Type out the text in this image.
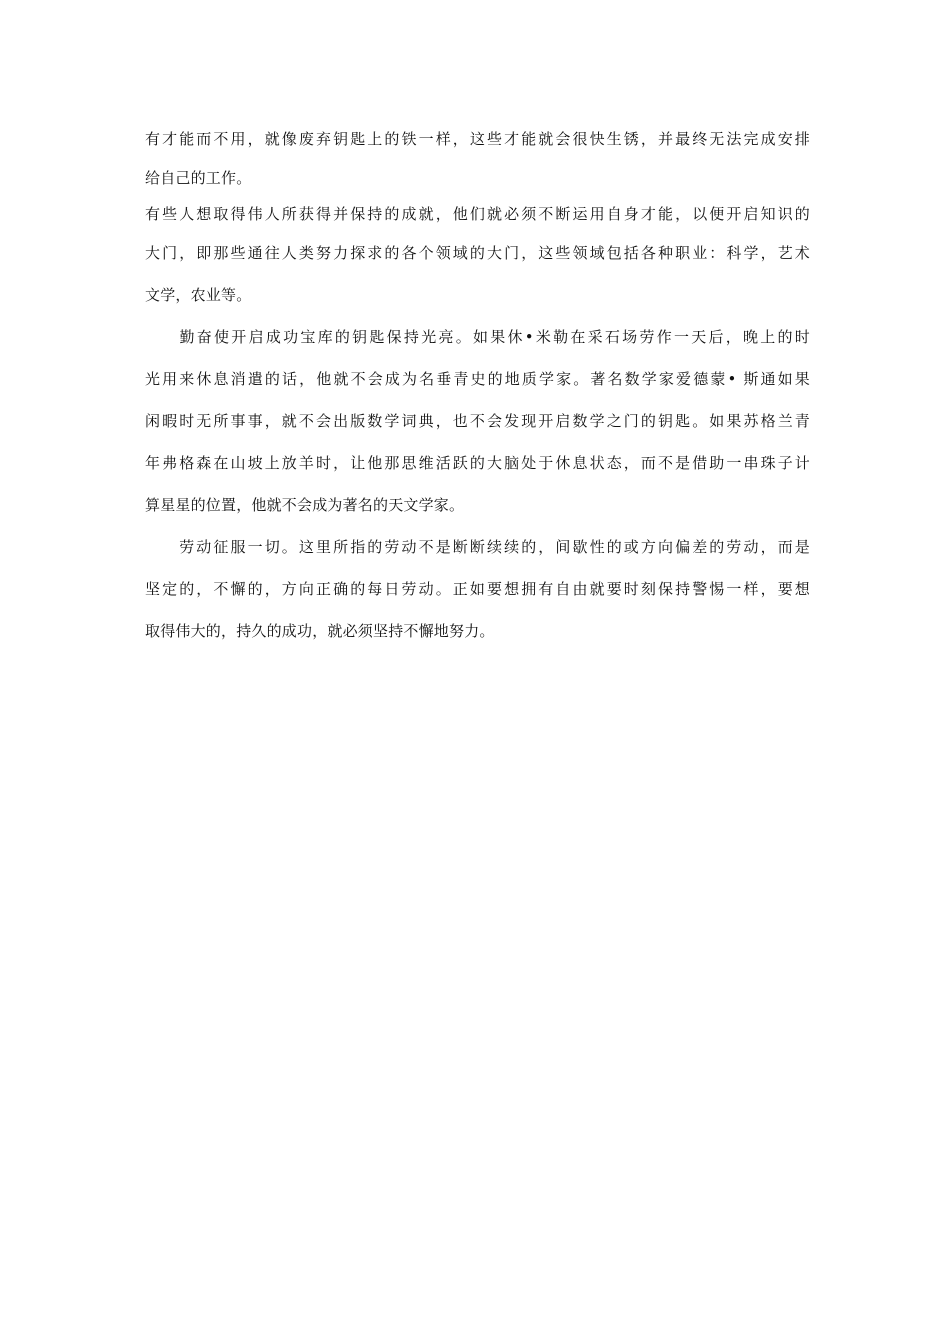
有才能而不用，就像废弃钥匙上的铁一样，这些才能就会很快生锈，并最终无法完成安排
给自己的工作。
有些人想取得伟人所获得并保持的成就，他们就必须不断运用自身才能，以便开启知识的
大门，即那些通往人类努力探求的各个领域的大门，这些领域包括各种职业：科学，艺术
文学，农业等。
　　勤奋使开启成功宝库的钥匙保持光亮。如果休•米勒在采石场劳作一天后，晚上的时
光用来休息消遣的话，他就不会成为名垂青史的地质学家。著名数学家爱德蒙• 斯通如果
闲暇时无所事事，就不会出版数学词典，也不会发现开启数学之门的钥匙。如果苏格兰青
年弗格森在山坡上放羊时，让他那思维活跃的大脑处于休息状态，而不是借助一串珠子计
算星星的位置，他就不会成为著名的天文学家。
　　劳动征服一切。这里所指的劳动不是断断续续的，间歇性的或方向偏差的劳动，而是
坚定的，不懈的，方向正确的每日劳动。正如要想拥有自由就要时刻保持警惕一样，要想
取得伟大的，持久的成功，就必须坚持不懈地努力。
